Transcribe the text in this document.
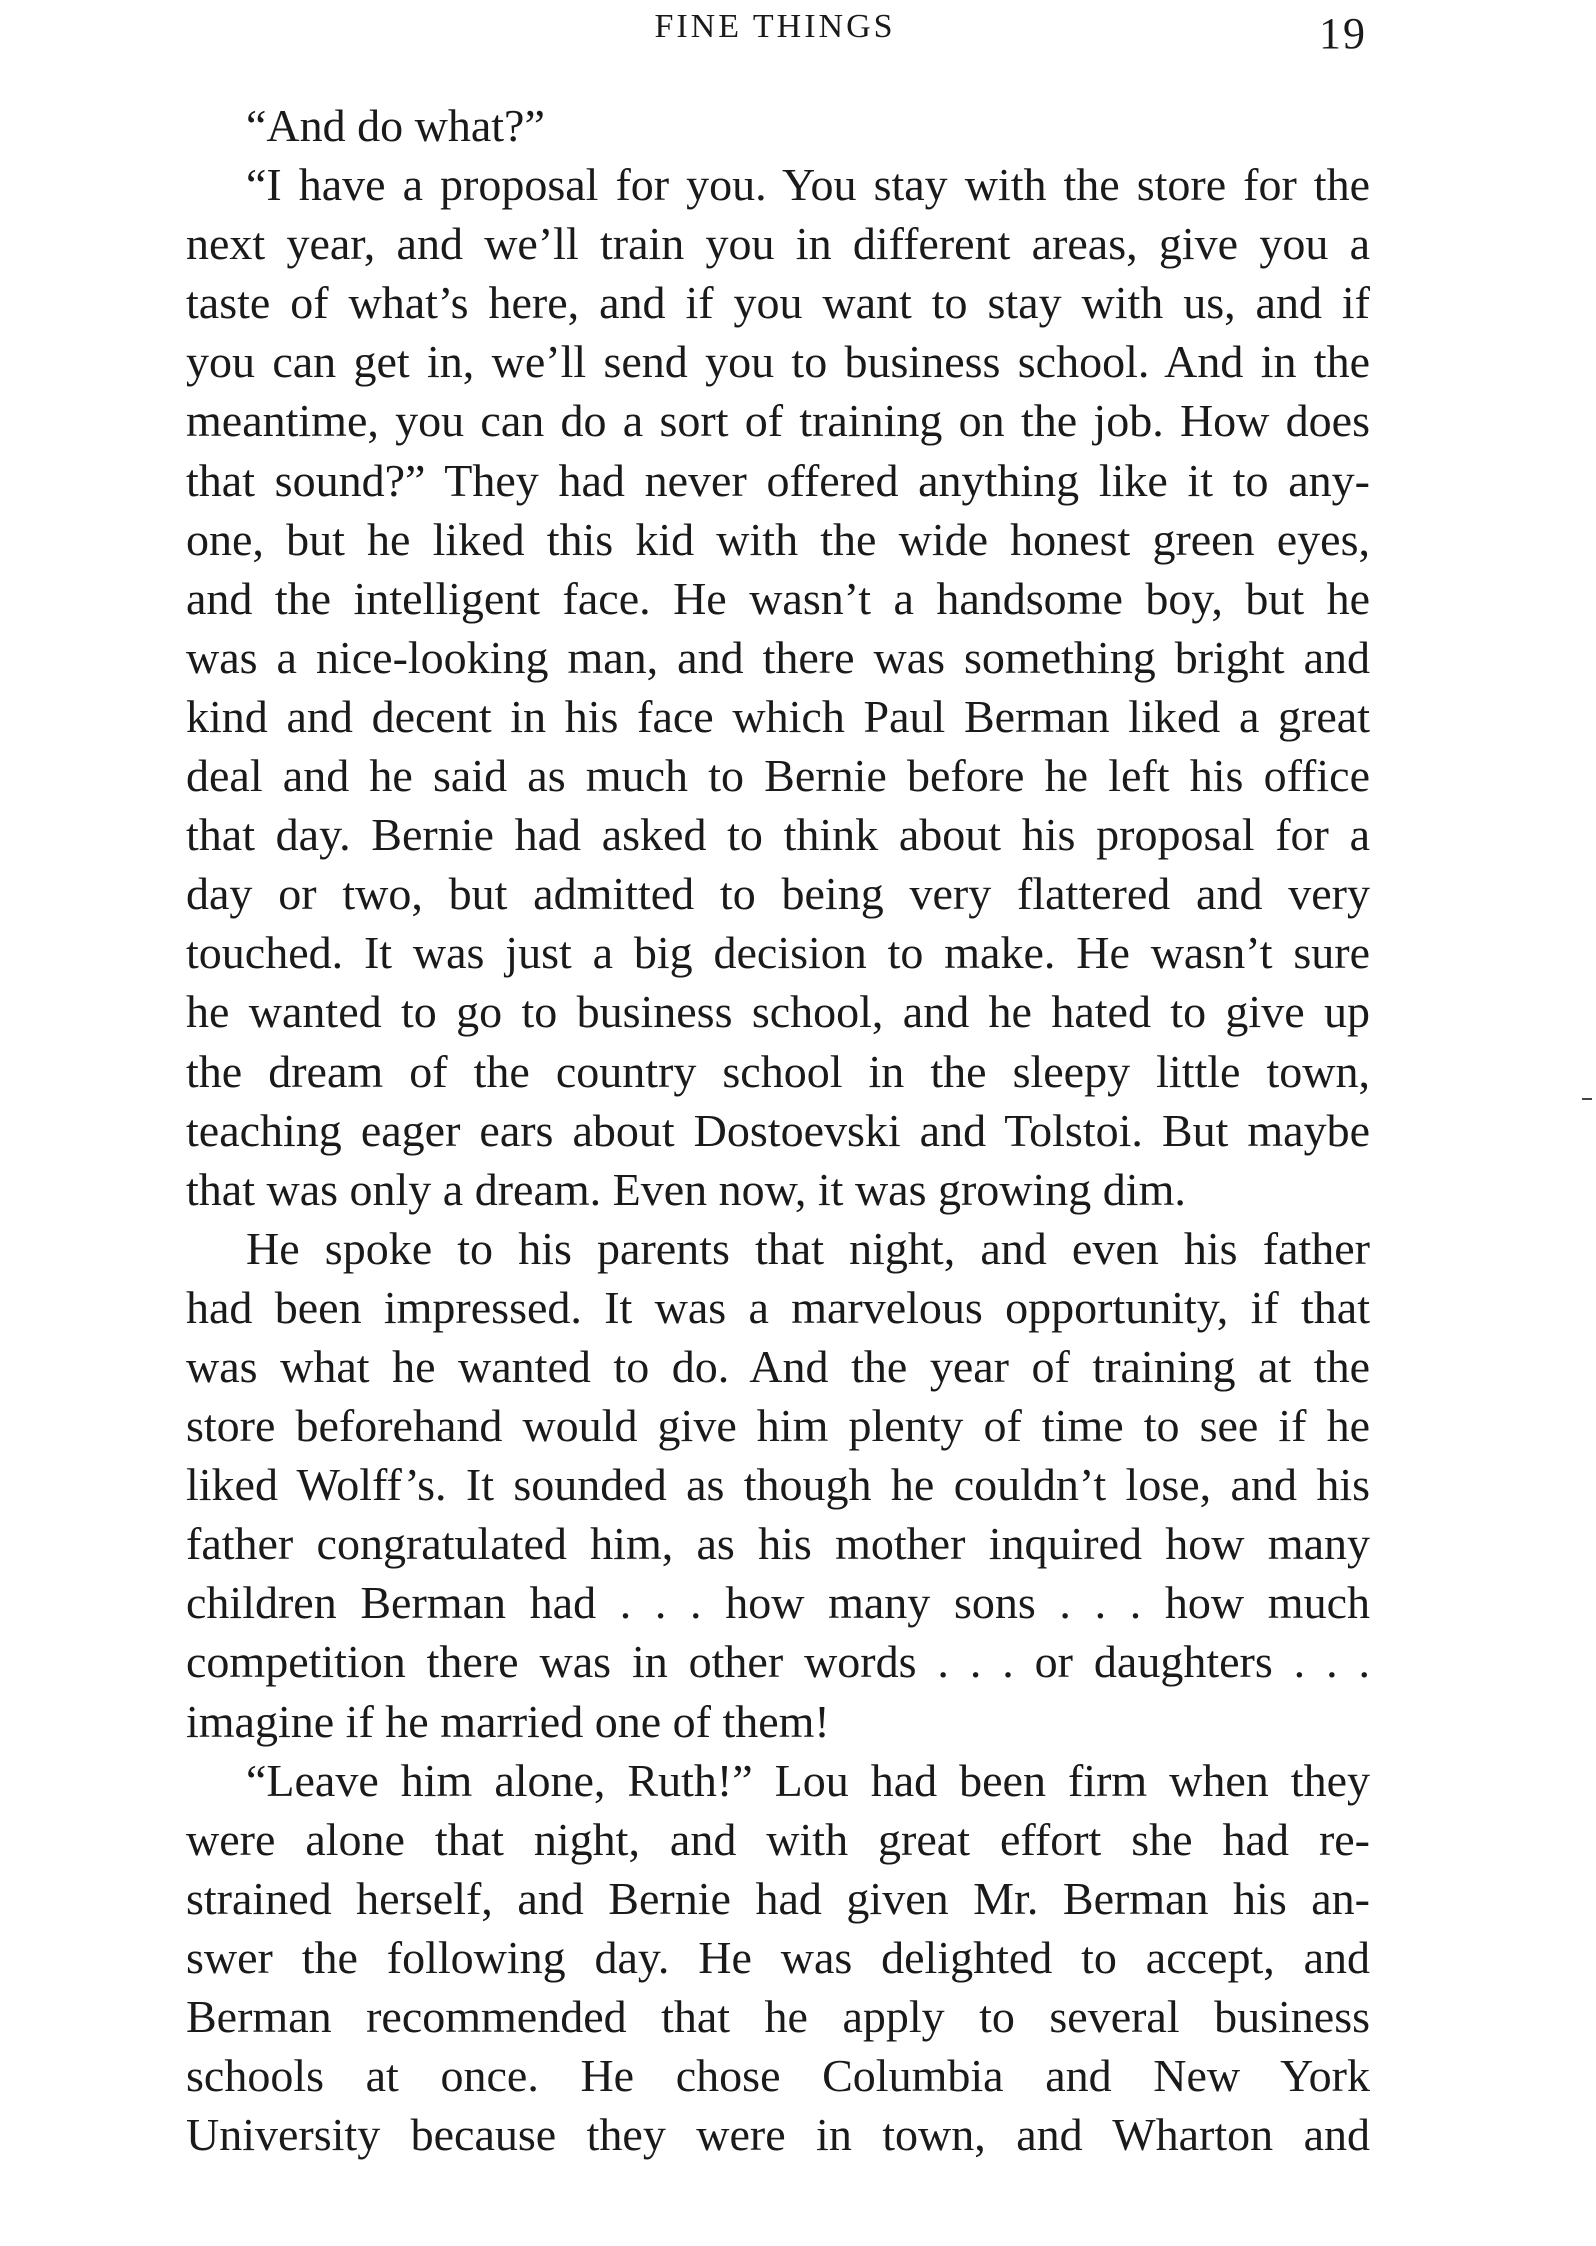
FINE THINGS	19
“And do what?”
“I have a proposal for you. You stay with the store for the
next year, and we’ll train you in different areas, give you a
taste of what’s here, and if you want to stay with us, and if
you can get in, we’ll send you to business school. And in the
meantime, you can do a sort of training on the job. How does
that sound?” They had never offered anything like it to any-
one, but he liked this kid with the wide honest green eyes,
and the intelligent face. He wasn’t a handsome boy, but he
was a nice-looking man, and there was something bright and
kind and decent in his face which Paul Berman liked a great
deal and he said as much to Bernie before he left his office
that day. Bernie had asked to think about his proposal for a
day or two, but admitted to being very flattered and very
touched. It was just a big decision to make. He wasn’t sure
he wanted to go to business school, and he hated to give up
the dream of the country school in the sleepy little town,
teaching eager ears about Dostoevski and Tolstoi. But maybe
that was only a dream. Even now, it was growing dim.
He spoke to his parents that night, and even his father
had been impressed. It was a marvelous opportunity, if that
was what he wanted to do. And the year of training at the
store beforehand would give him plenty of time to see if he
liked Wolff’s. It sounded as though he couldn’t lose, and his
father congratulated him, as his mother inquired how many
children Berman had . . . how many sons . . . how much
competition there was in other words . . . or daughters . . .
imagine if he married one of them!
“Leave him alone, Ruth!” Lou had been firm when they
were alone that night, and with great effort she had re-
strained herself, and Bernie had given Mr. Berman his an-
swer the following day. He was delighted to accept, and
Berman recommended that he apply to several business
schools at once. He chose Columbia and New York
University because they were in town, and Wharton and
